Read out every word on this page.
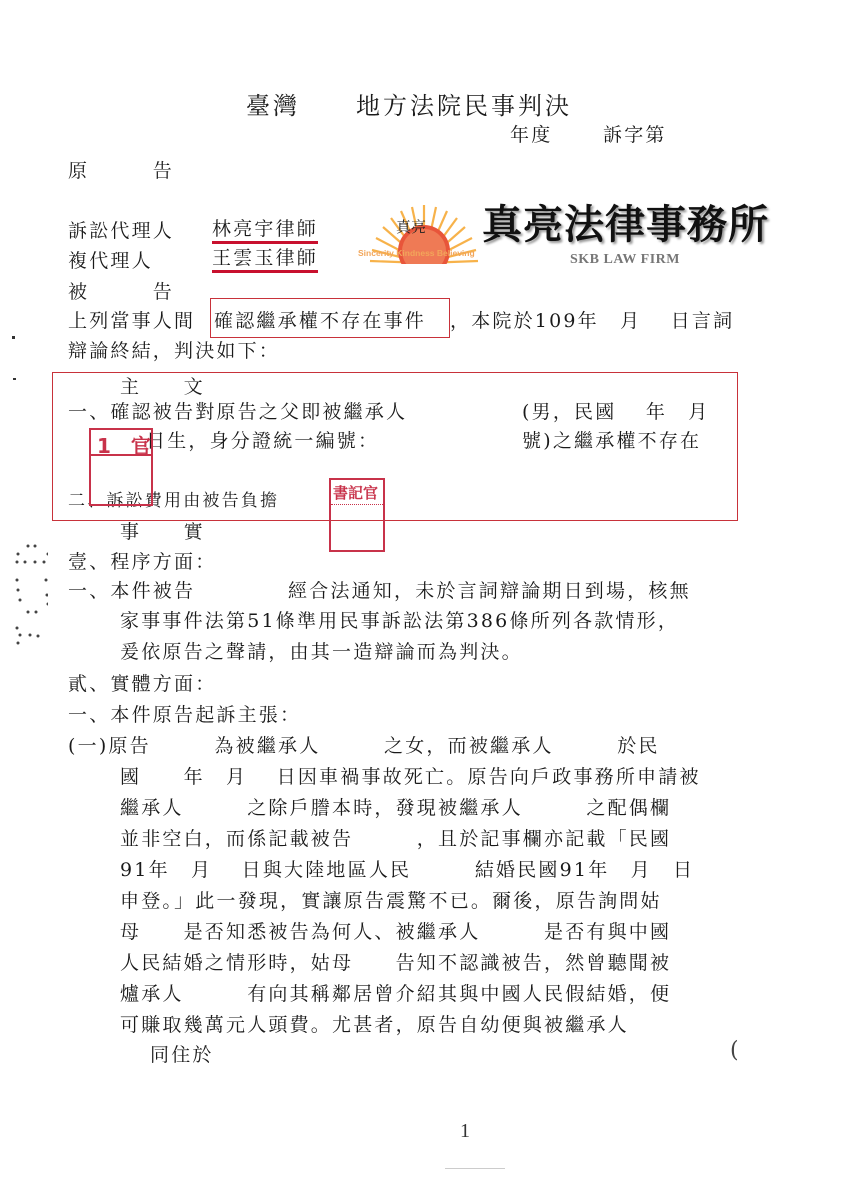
臺灣 地方法院民事判決
年度	訴字第
原　　　告
訴訟代理人 林亮宇律師
複代理人	王雲玉律師
被　　　告

真亮

Sincerity Kindness Believing

真亮法律事務所
SKB LAW FIRM
上列當事人間 確認繼承權不存在事件 ，本院於109年　月　 日言詞
辯論終結，判決如下：
主　　文
一、確認被告對原告之父即被繼承人	(男，民國　 年　月
日生，身分證統一編號：	號)之繼承權不存在
二、訴訟費用由被告負擔
1　官
書記官
事　　實
壹、程序方面：
一、本件被告	經合法通知，未於言詞辯論期日到場，核無
家事事件法第51條準用民事訴訟法第386條所列各款情形，
爰依原告之聲請，由其一造辯論而為判決。
貳、實體方面：
一、本件原告起訴主張：
(一)原告　　　為被繼承人　　　之女，而被繼承人　　　於民
國　　年　月　 日因車禍事故死亡。原告向戶政事務所申請被
繼承人　　　之除戶謄本時，發現被繼承人　　　之配偶欄
並非空白，而係記載被告　　　，且於記事欄亦記載「民國
91年　月　 日與大陸地區人民　　　結婚民國91年　月　日
申登。」此一發現，實讓原告震驚不已。爾後，原告詢問姑
母　　是否知悉被告為何人、被繼承人　　　是否有與中國
人民結婚之情形時，姑母　　告知不認識被告，然曾聽聞被
爐承人　　　有向其稱鄰居曾介紹其與中國人民假結婚，便
可賺取幾萬元人頭費。尤甚者，原告自幼便與被繼承人
同住於	(
1
